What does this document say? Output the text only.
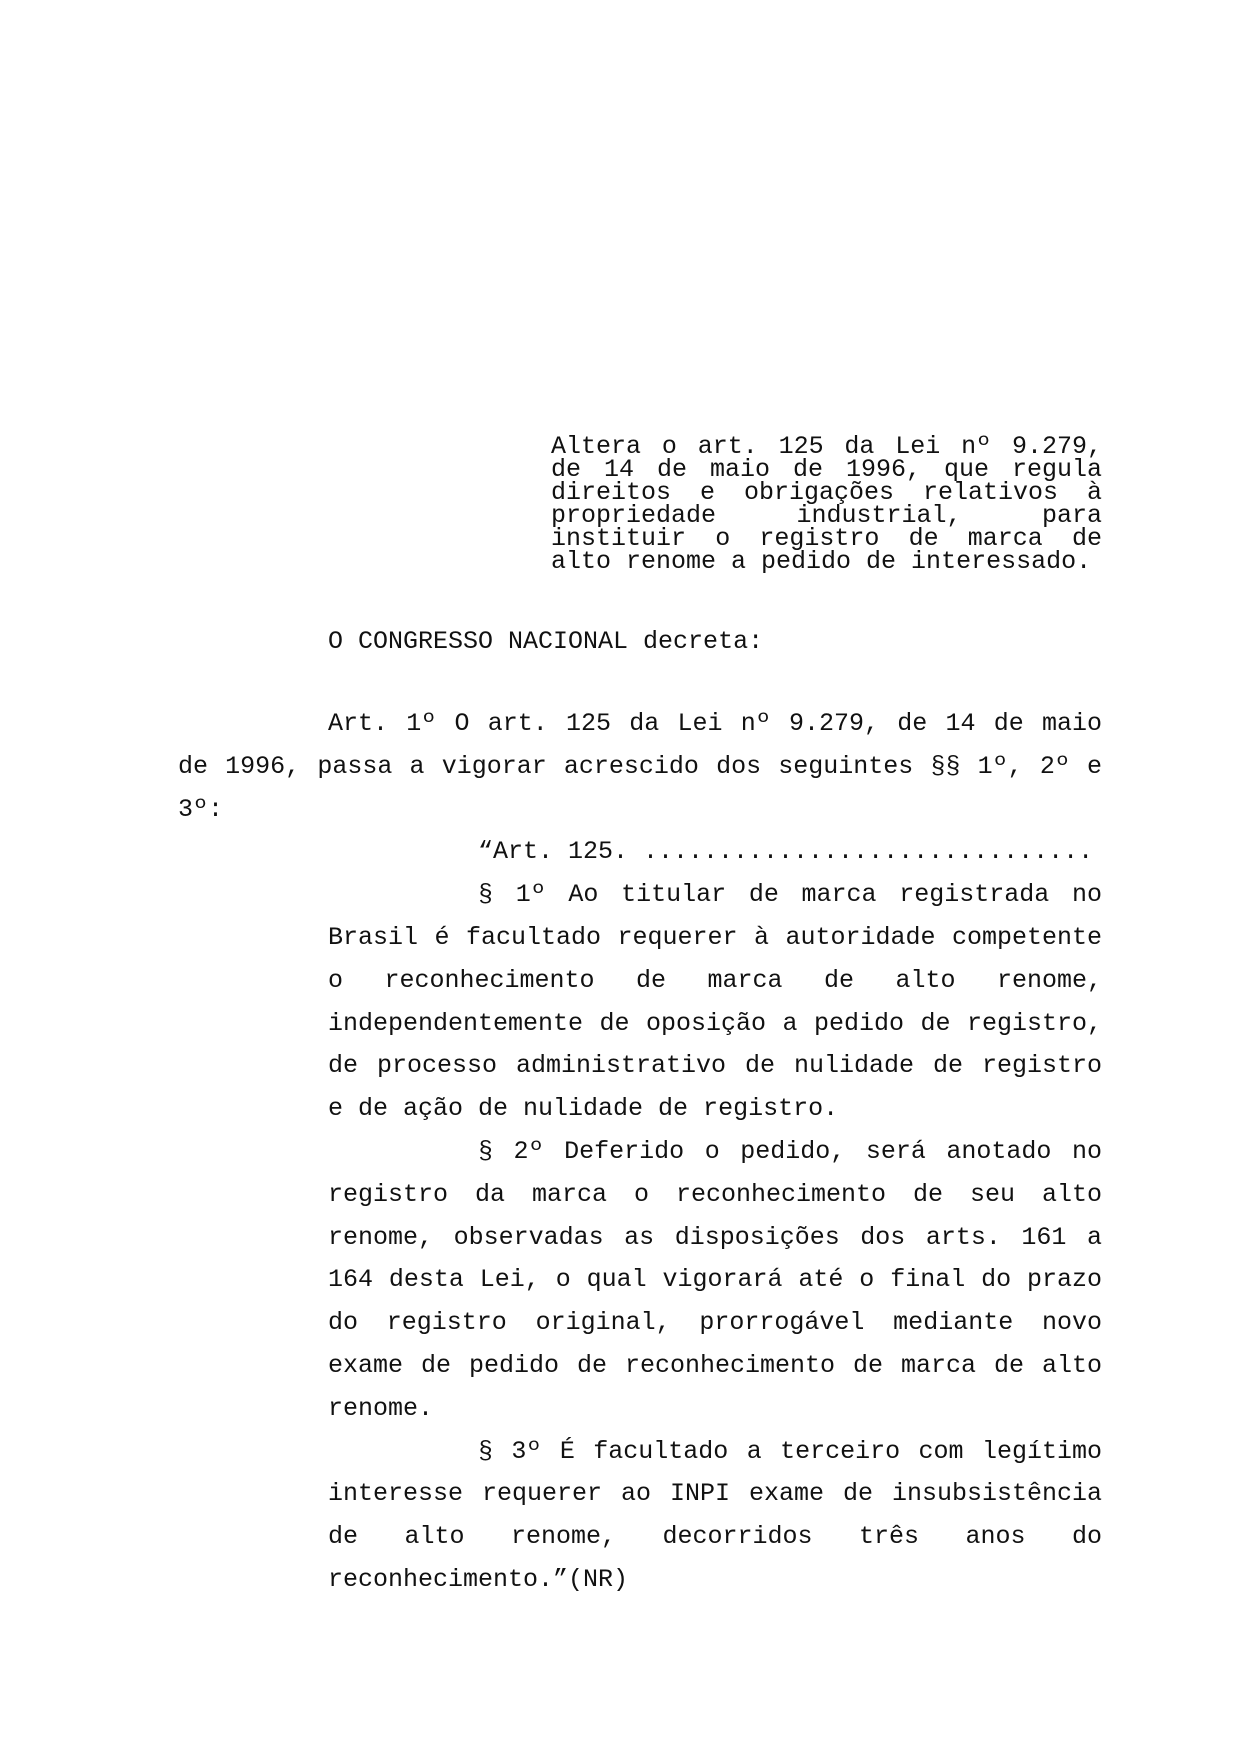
Altera o art. 125 da Lei nº 9.279,
de 14 de maio de 1996, que regula
direitos e obrigações relativos à
propriedade industrial, para
instituir o registro de marca de
alto renome a pedido de interessado.
O CONGRESSO NACIONAL decreta:
Art. 1º O art. 125 da Lei nº 9.279, de 14 de maio
de 1996, passa a vigorar acrescido dos seguintes §§ 1º, 2º e
3º:
“Art. 125. ..............................
§ 1º Ao titular de marca registrada no
Brasil é facultado requerer à autoridade competente
o reconhecimento de marca de alto renome,
independentemente de oposição a pedido de registro,
de processo administrativo de nulidade de registro
e de ação de nulidade de registro.
§ 2º Deferido o pedido, será anotado no
registro da marca o reconhecimento de seu alto
renome, observadas as disposições dos arts. 161 a
164 desta Lei, o qual vigorará até o final do prazo
do registro original, prorrogável mediante novo
exame de pedido de reconhecimento de marca de alto
renome.
§ 3º É facultado a terceiro com legítimo
interesse requerer ao INPI exame de insubsistência
de alto renome, decorridos três anos do
reconhecimento.”(NR)
